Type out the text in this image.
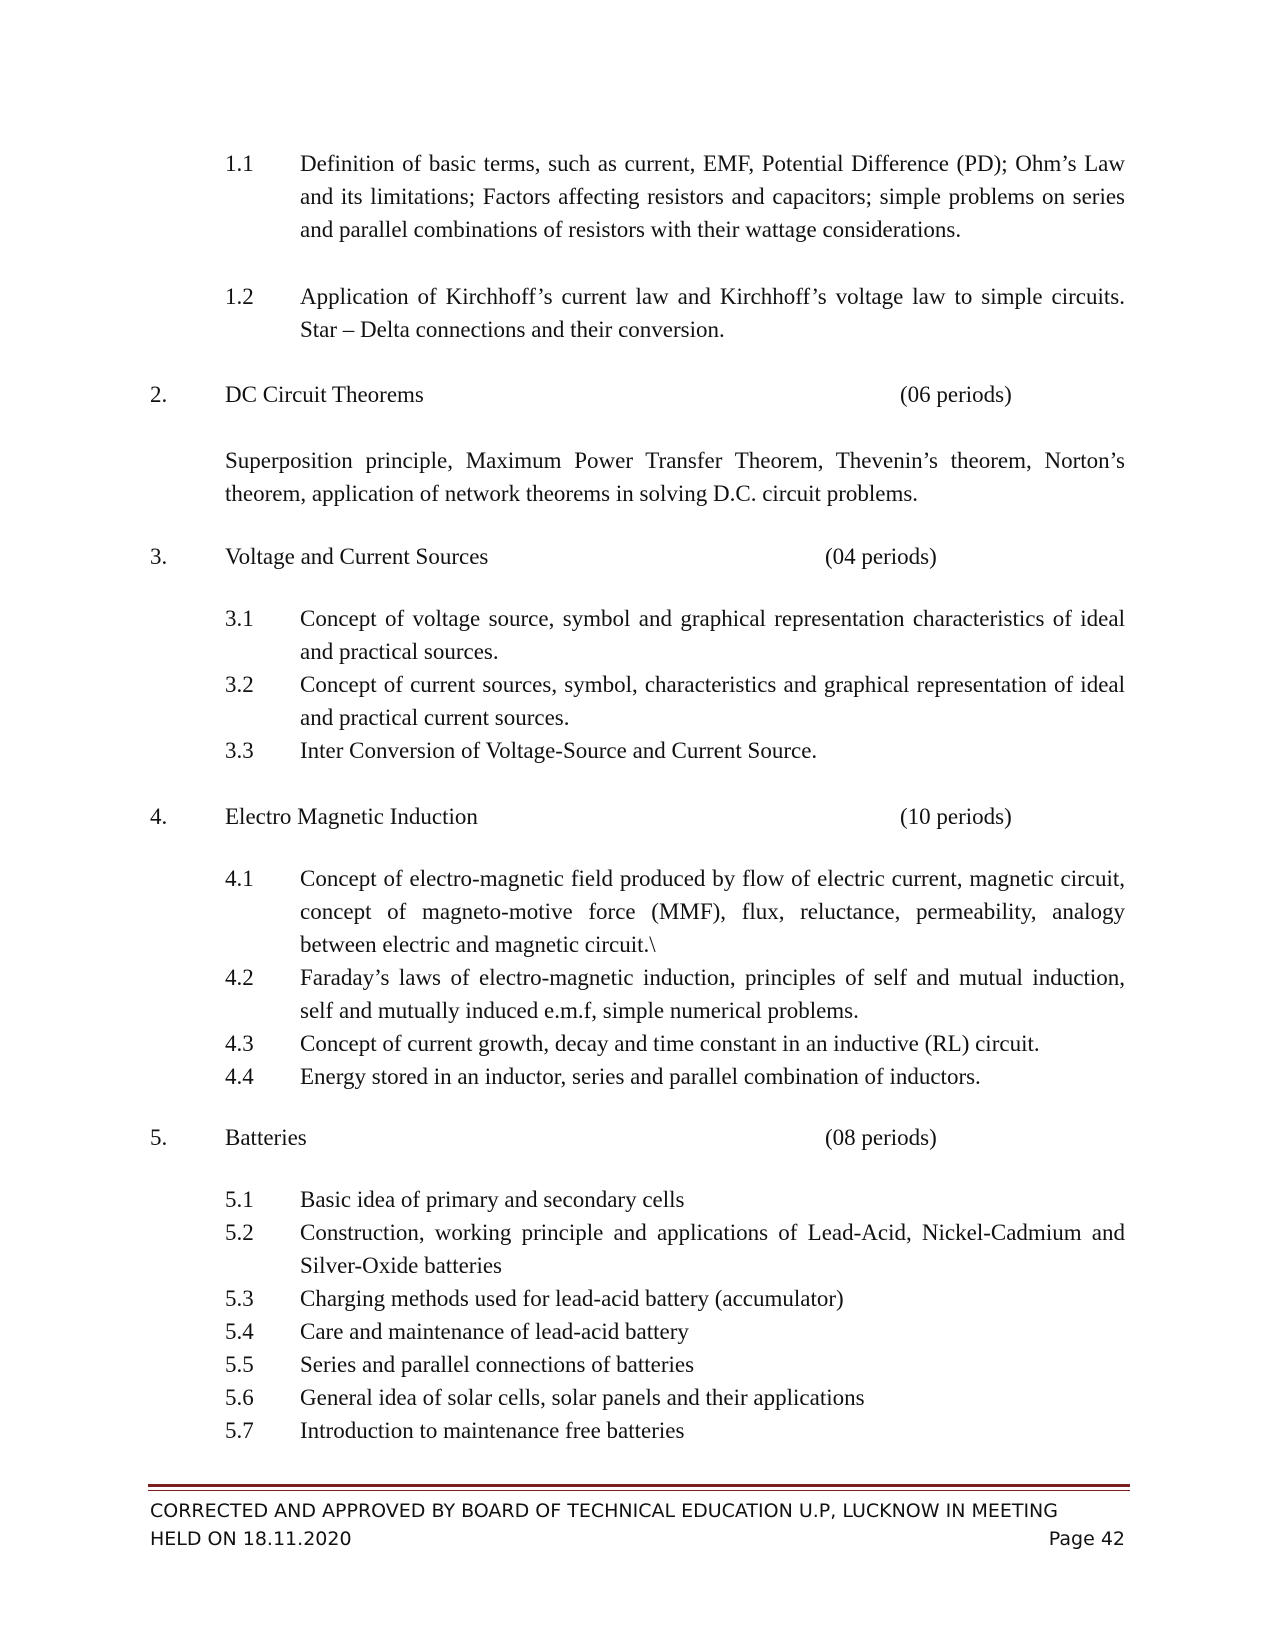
1.1	Definition of basic terms, such as current, EMF, Potential Difference (PD); Ohm’s Law and its limitations; Factors affecting resistors and capacitors; simple problems on series and parallel combinations of resistors with their wattage considerations.
1.2	Application of Kirchhoff’s current law and Kirchhoff’s voltage law to simple circuits. Star – Delta connections and their conversion.
2.	DC Circuit Theorems	(06 periods)
Superposition principle, Maximum Power Transfer Theorem, Thevenin’s theorem, Norton’s theorem, application of network theorems in solving D.C. circuit problems.
3.	Voltage and Current Sources	(04 periods)
3.1	Concept of voltage source, symbol and graphical representation characteristics of ideal and practical sources.
3.2	Concept of current sources, symbol, characteristics and graphical representation of ideal and practical current sources.
3.3	Inter Conversion of Voltage-Source and Current Source.
4.	Electro Magnetic Induction	(10 periods)
4.1	Concept of electro-magnetic field produced by flow of electric current, magnetic circuit, concept of magneto-motive force (MMF), flux, reluctance, permeability, analogy between electric and magnetic circuit.\
4.2	Faraday’s laws of electro-magnetic induction, principles of self and mutual induction, self and mutually induced e.m.f, simple numerical problems.
4.3	Concept of current growth, decay and time constant in an inductive (RL) circuit.
4.4	Energy stored in an inductor, series and parallel combination of inductors.
5.	Batteries	(08 periods)
5.1	Basic idea of primary and secondary cells
5.2	Construction, working principle and applications of Lead-Acid, Nickel-Cadmium and Silver-Oxide batteries
5.3	Charging methods used for lead-acid battery (accumulator)
5.4	Care and maintenance of lead-acid battery
5.5	Series and parallel connections of batteries
5.6	General idea of solar cells, solar panels and their applications
5.7	Introduction to maintenance free batteries
CORRECTED AND APPROVED BY BOARD OF TECHNICAL EDUCATION U.P, LUCKNOW IN MEETING
HELD ON 18.11.2020	Page 42
